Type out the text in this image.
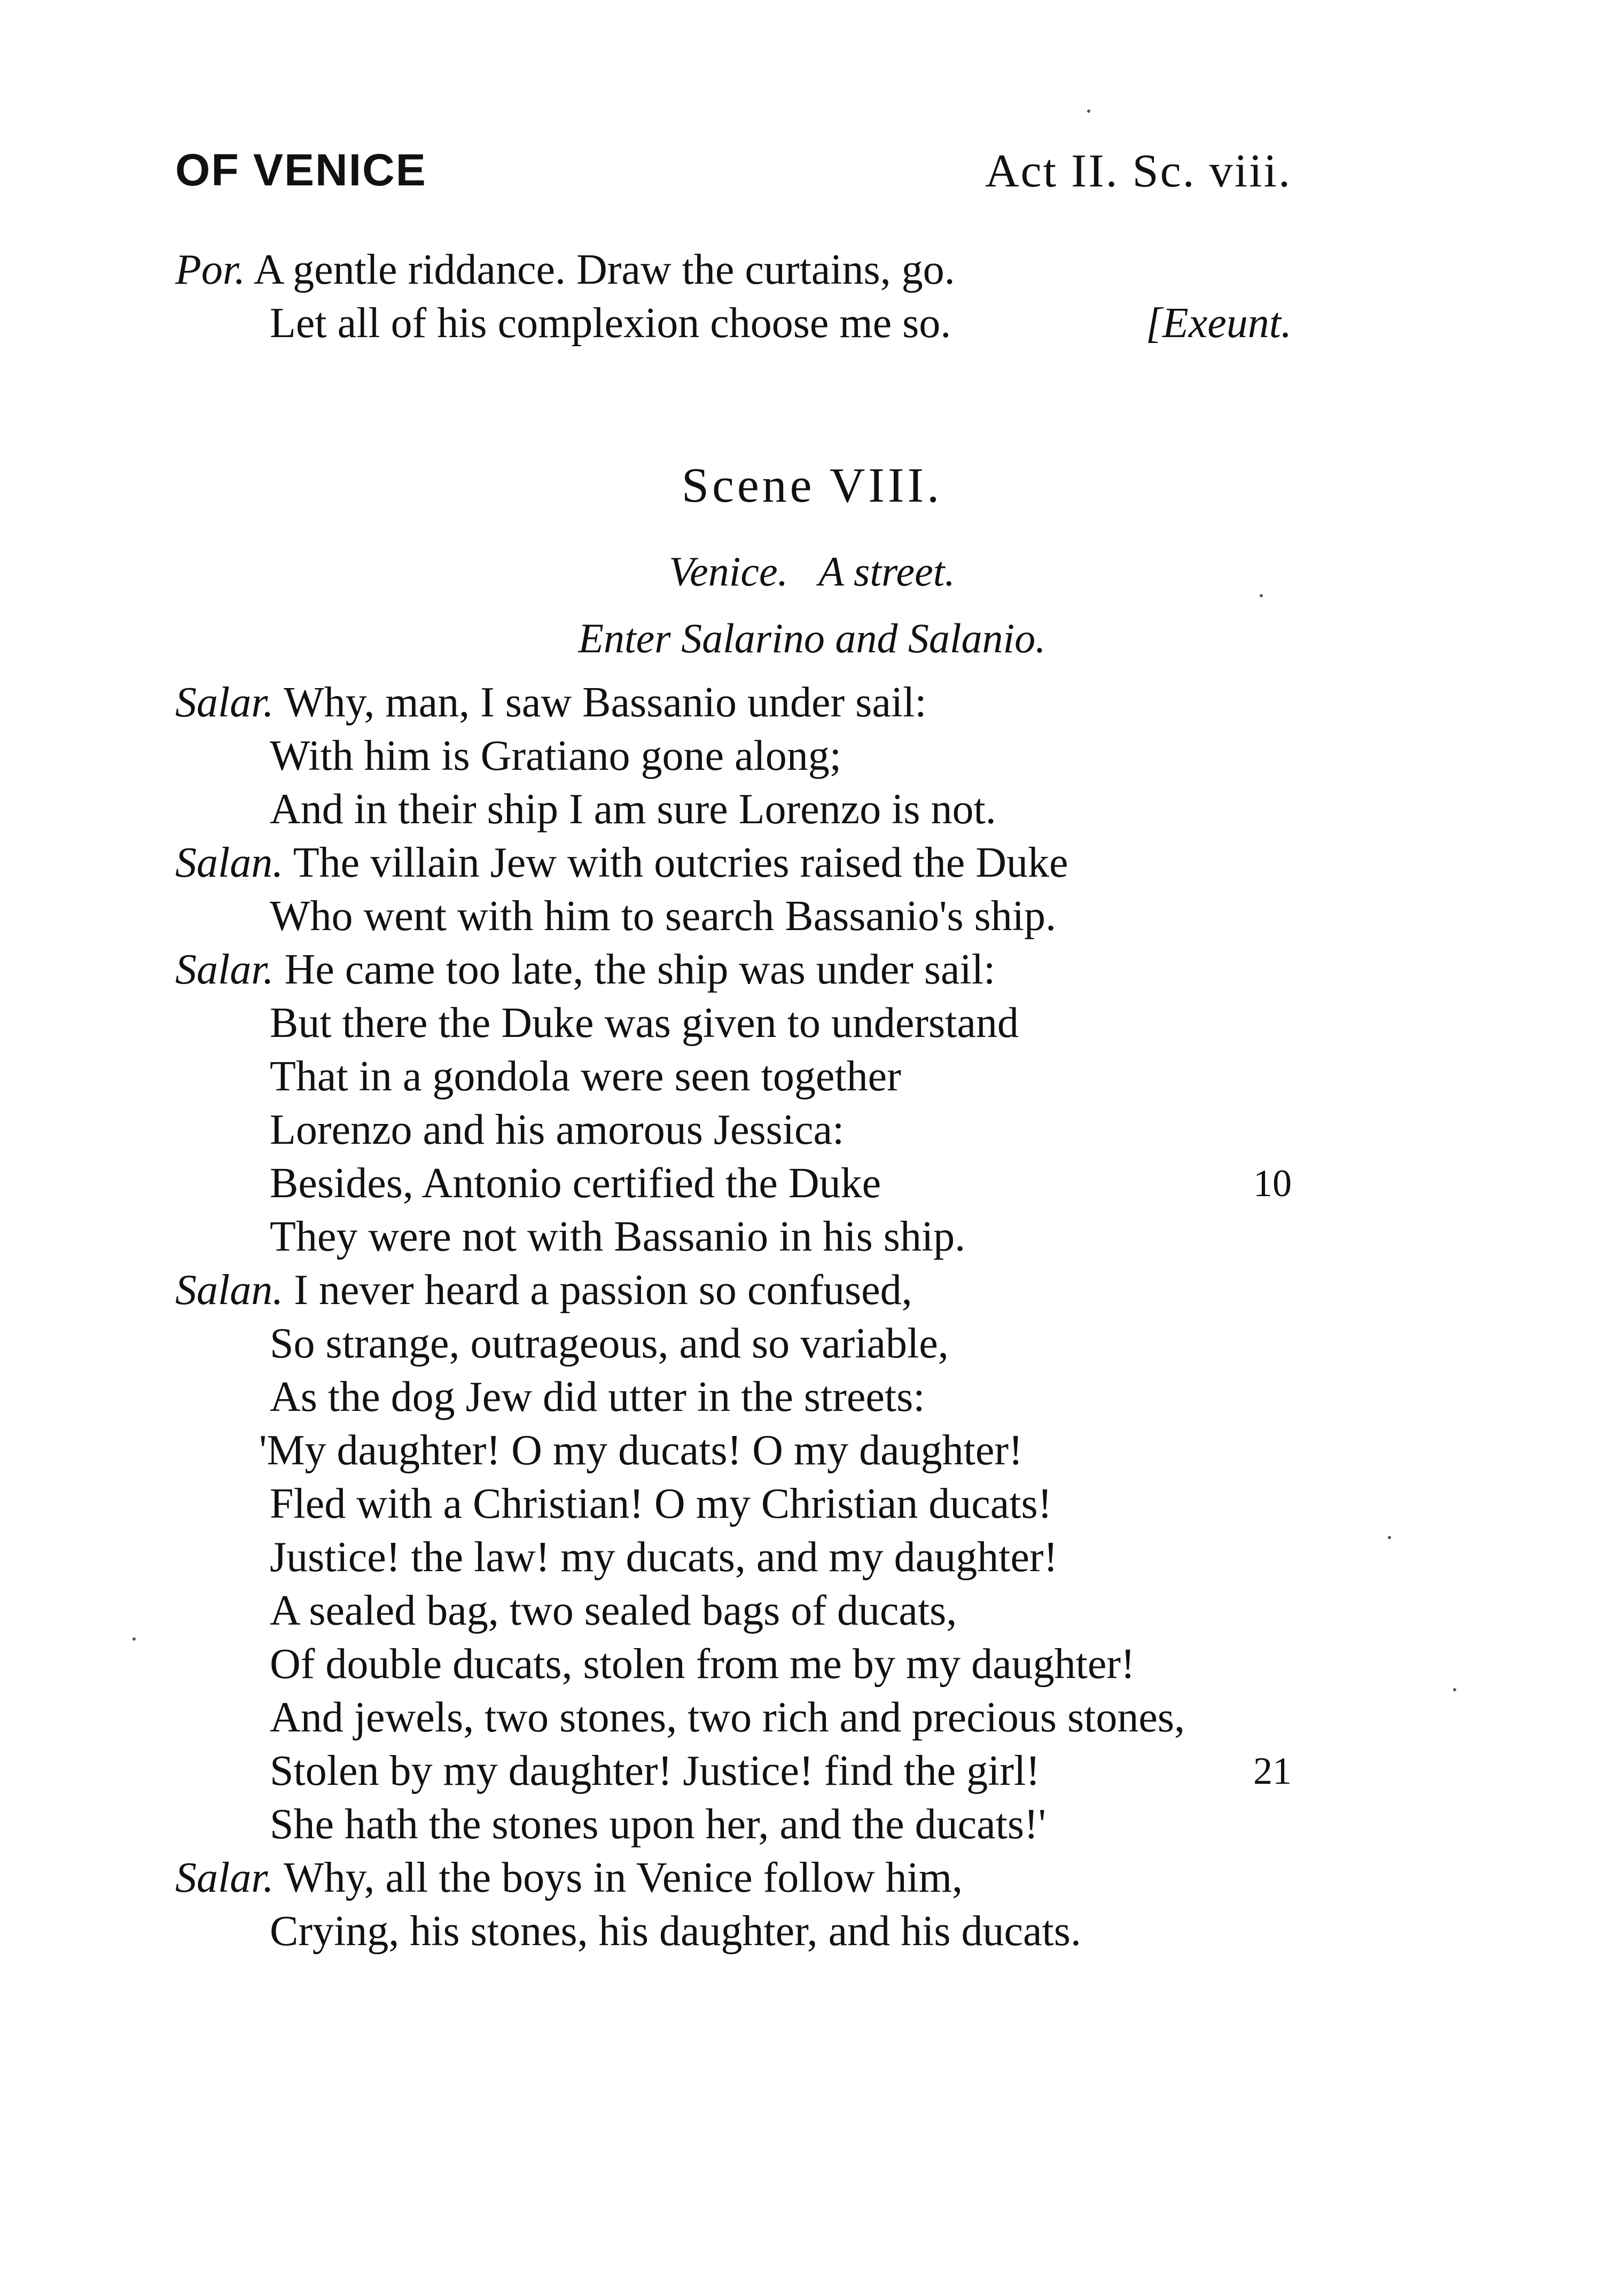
OF VENICE	Act II. Sc. viii.
Por. A gentle riddance. Draw the curtains, go.
Let all of his complexion choose me so.	[Exeunt.
Scene VIII.
Venice.   A street.
Enter Salarino and Salanio.
Salar. Why, man, I saw Bassanio under sail:
With him is Gratiano gone along;
And in their ship I am sure Lorenzo is not.
Salan. The villain Jew with outcries raised the Duke
Who went with him to search Bassanio's ship.
Salar. He came too late, the ship was under sail:
But there the Duke was given to understand
That in a gondola were seen together
Lorenzo and his amorous Jessica:
Besides, Antonio certified the Duke	10
They were not with Bassanio in his ship.
Salan. I never heard a passion so confused,
So strange, outrageous, and so variable,
As the dog Jew did utter in the streets:
'My daughter! O my ducats! O my daughter!
Fled with a Christian! O my Christian ducats!
Justice! the law! my ducats, and my daughter!
A sealed bag, two sealed bags of ducats,
Of double ducats, stolen from me by my daughter!
And jewels, two stones, two rich and precious stones,
Stolen by my daughter! Justice! find the girl!	21
She hath the stones upon her, and the ducats!'
Salar. Why, all the boys in Venice follow him,
Crying, his stones, his daughter, and his ducats.
